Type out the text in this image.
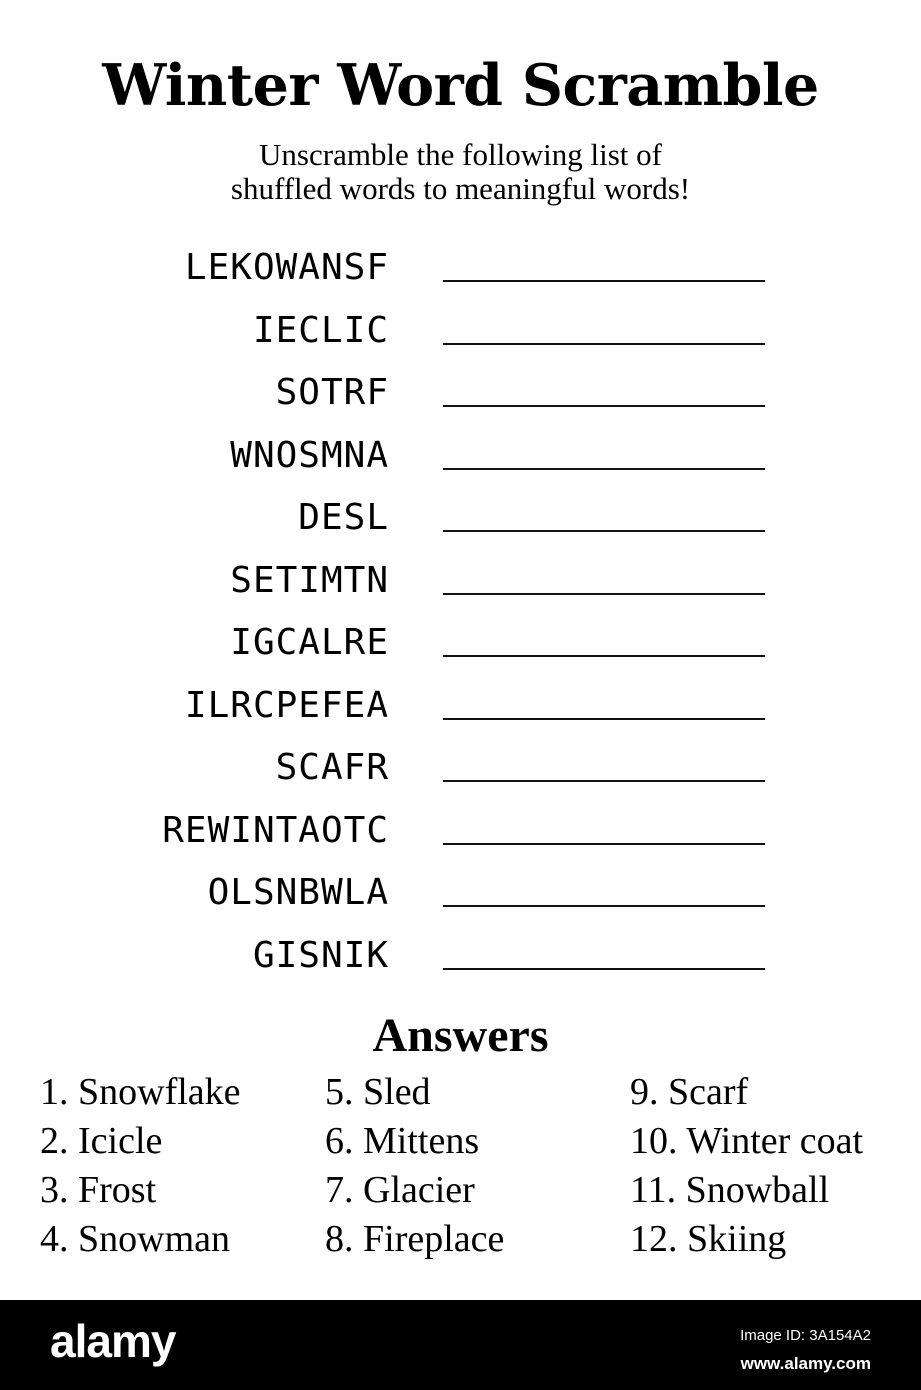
Winter Word Scramble
Unscramble the following list of
shuffled words to meaningful words!
LEKOWANSF
IECLIC
SOTRF
WNOSMNA
DESL
SETIMTN
IGCALRE
ILRCPEFEA
SCAFR
REWINTAOTC
OLSNBWLA
GISNIK
Answers
1. Snowflake
2. Icicle
3. Frost
4. Snowman
5. Sled
6. Mittens
7. Glacier
8. Fireplace
9. Scarf
10. Winter coat
11. Snowball
12. Skiing
alamy	Image ID: 3A154A2
www.alamy.com
